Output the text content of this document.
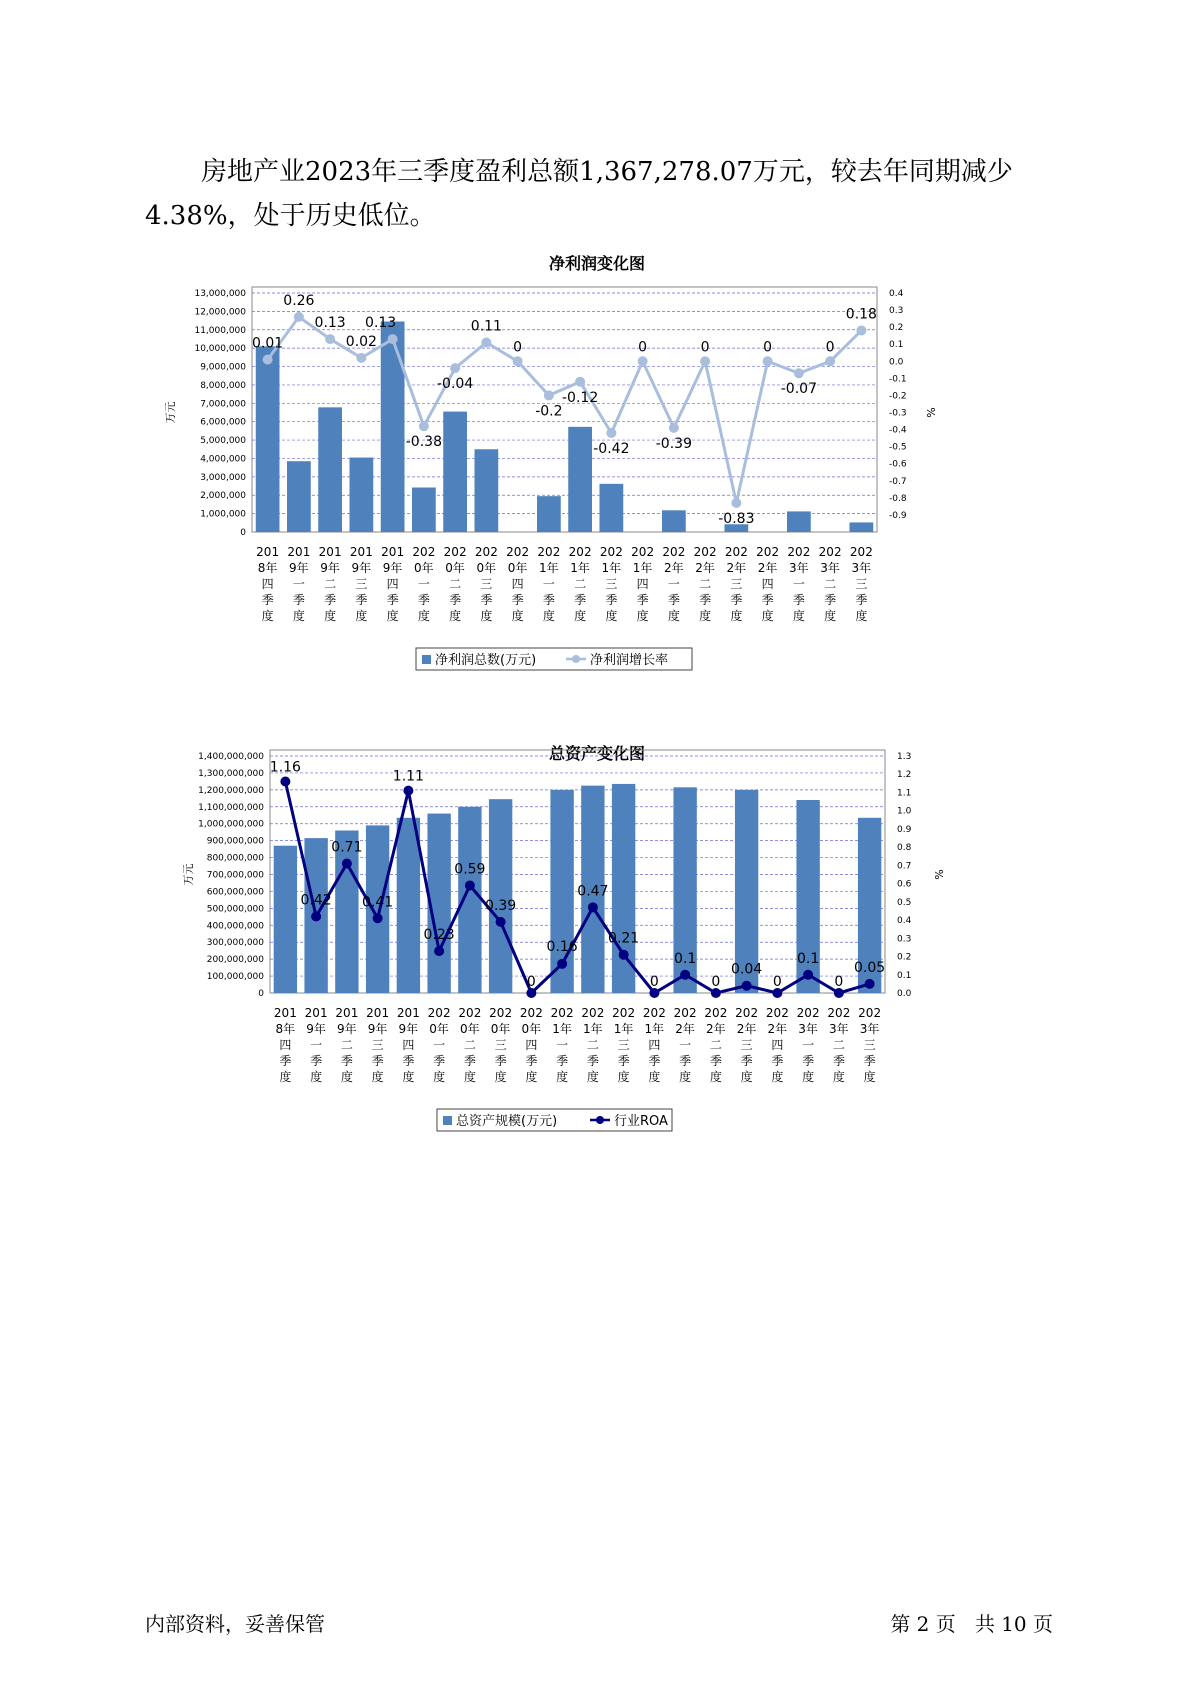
房地产业2023年三季度盈利总额1,367,278.07万元，较去年同期减少4.38%，处于历史低位。

净利润变化图
0
1,000,000
2,000,000
3,000,000
4,000,000
5,000,000
6,000,000
7,000,000
8,000,000
9,000,000
10,000,000
11,000,000
12,000,000
13,000,000
-0.9
-0.8
-0.7
-0.6
-0.5
-0.4
-0.3
-0.2
-0.1
0.0
0.1
0.2
0.3
0.4
万元	%
0.01
0.26
0.13
0.02
0.13
-0.38
-0.04
0.11
0
-0.2
-0.12
-0.42
0
-0.39
0
-0.83
0
-0.07
0
0.18
201
8年
四
季
度
201
9年
一
季
度
201
9年
二
季
度
201
9年
三
季
度
201
9年
四
季
度
202
0年
一
季
度
202
0年
二
季
度
202
0年
三
季
度
202
0年
四
季
度
202
1年
一
季
度
202
1年
二
季
度
202
1年
三
季
度
202
1年
四
季
度
202
2年
一
季
度
202
2年
二
季
度
202
2年
三
季
度
202
2年
四
季
度
202
3年
一
季
度
202
3年
二
季
度
202
3年
三
季
度
净利润总数(万元)	净利润增长率
总资产变化图
0
100,000,000
200,000,000
300,000,000
400,000,000
500,000,000
600,000,000
700,000,000
800,000,000
900,000,000
1,000,000,000
1,100,000,000
1,200,000,000
1,300,000,000
1,400,000,000
0.0
0.1
0.2
0.3
0.4
0.5
0.6
0.7
0.8
0.9
1.0
1.1
1.2
1.3
万元	%
1.16
0.42
0.71
0.41
1.11
0.23
0.59
0.39
0
0.16
0.47
0.21
0
0.1
0
0.04
0
0.1
0
0.05
201
8年
四
季
度
201
9年
一
季
度
201
9年
二
季
度
201
9年
三
季
度
201
9年
四
季
度
202
0年
一
季
度
202
0年
二
季
度
202
0年
三
季
度
202
0年
四
季
度
202
1年
一
季
度
202
1年
二
季
度
202
1年
三
季
度
202
1年
四
季
度
202
2年
一
季
度
202
2年
二
季
度
202
2年
三
季
度
202
2年
四
季
度
202
3年
一
季
度
202
3年
二
季
度
202
3年
三
季
度
总资产规模(万元)	行业ROA
内部资料，妥善保管	第 2 页   共 10 页
